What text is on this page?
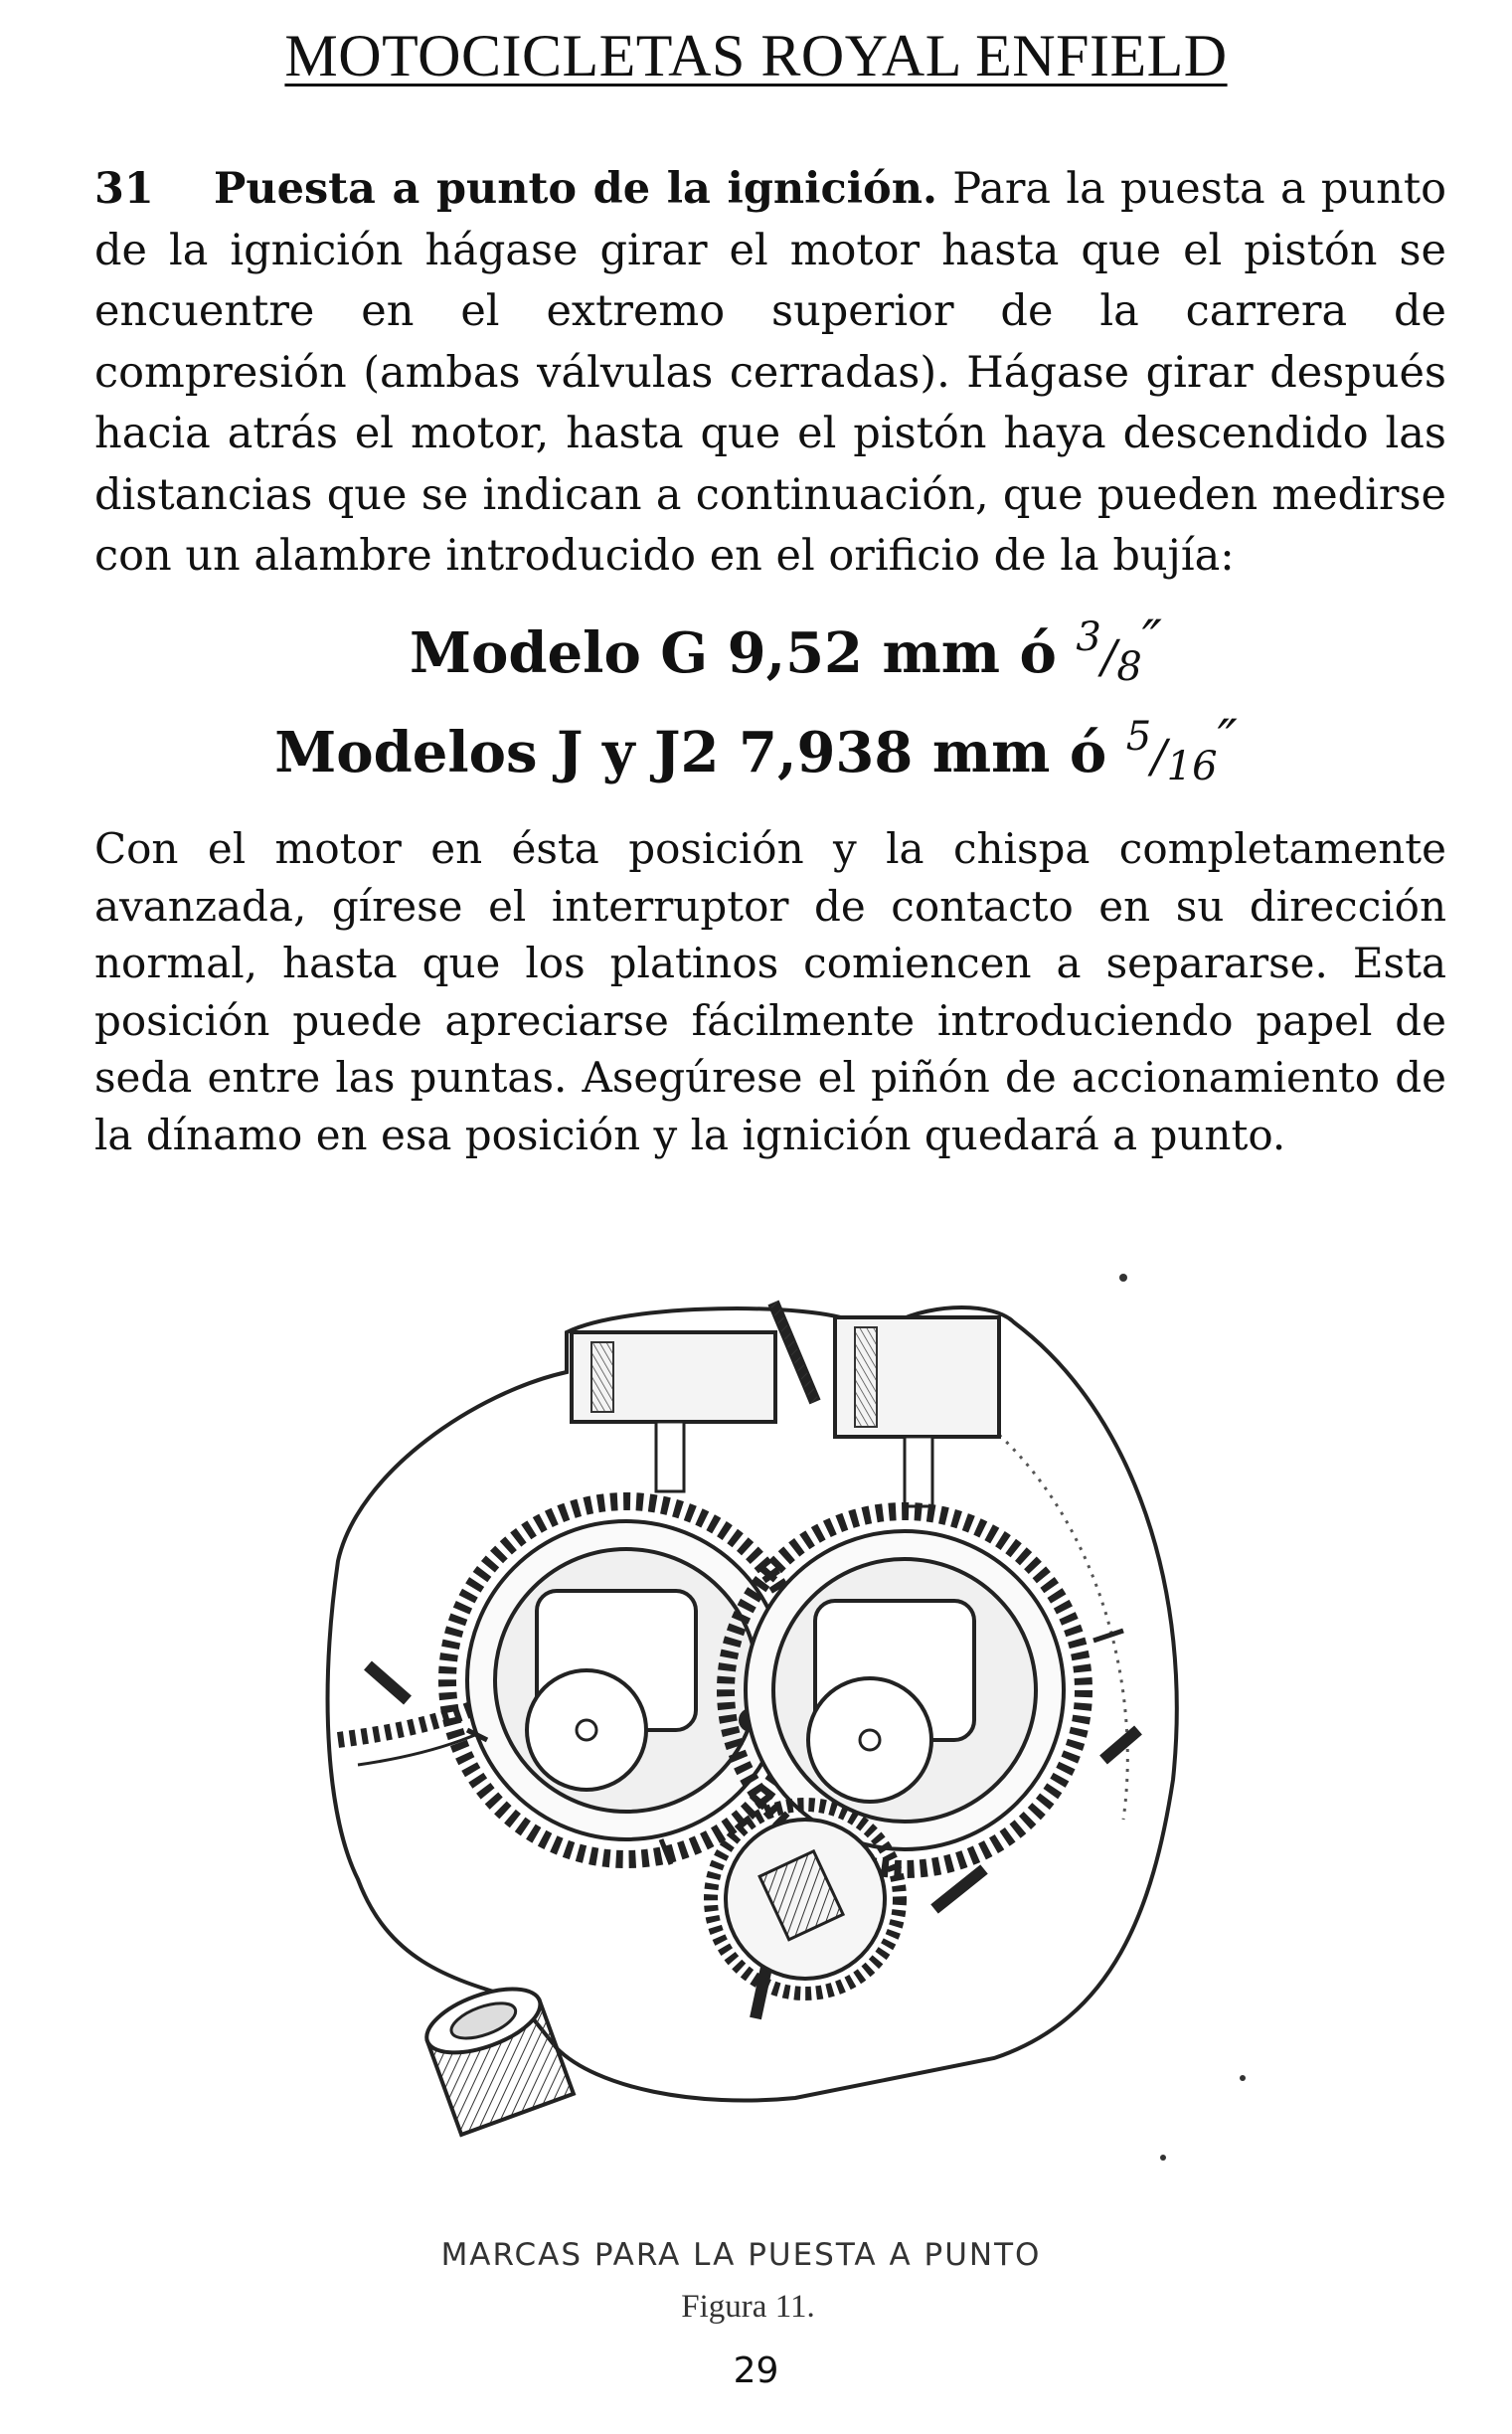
MOTOCICLETAS ROYAL ENFIELD

31 Puesta a punto de la ignición. Para la puesta a punto de la ignición hágase girar el motor hasta que el pistón se encuentre en el extremo superior de la carrera de compresión (ambas válvulas cerradas). Hágase girar después hacia atrás el motor, hasta que el pistón haya descendido las distancias que se indican a continuación, que pueden medirse con un alambre introducido en el orificio de la bujía:

Modelo G 9,52 mm ó 3/8″
Modelos J y J2 7,938 mm ó 5/16″

Con el motor en ésta posición y la chispa completamente avanzada, gírese el interruptor de contacto en su dirección normal, hasta que los platinos comiencen a separarse. Esta posición puede apreciarse fácilmente introduciendo papel de seda entre las puntas. Asegúrese el piñón de accionamiento de la dínamo en esa posición y la ignición quedará a punto.

MARCAS PARA LA PUESTA A PUNTO

Figura 11.

29
